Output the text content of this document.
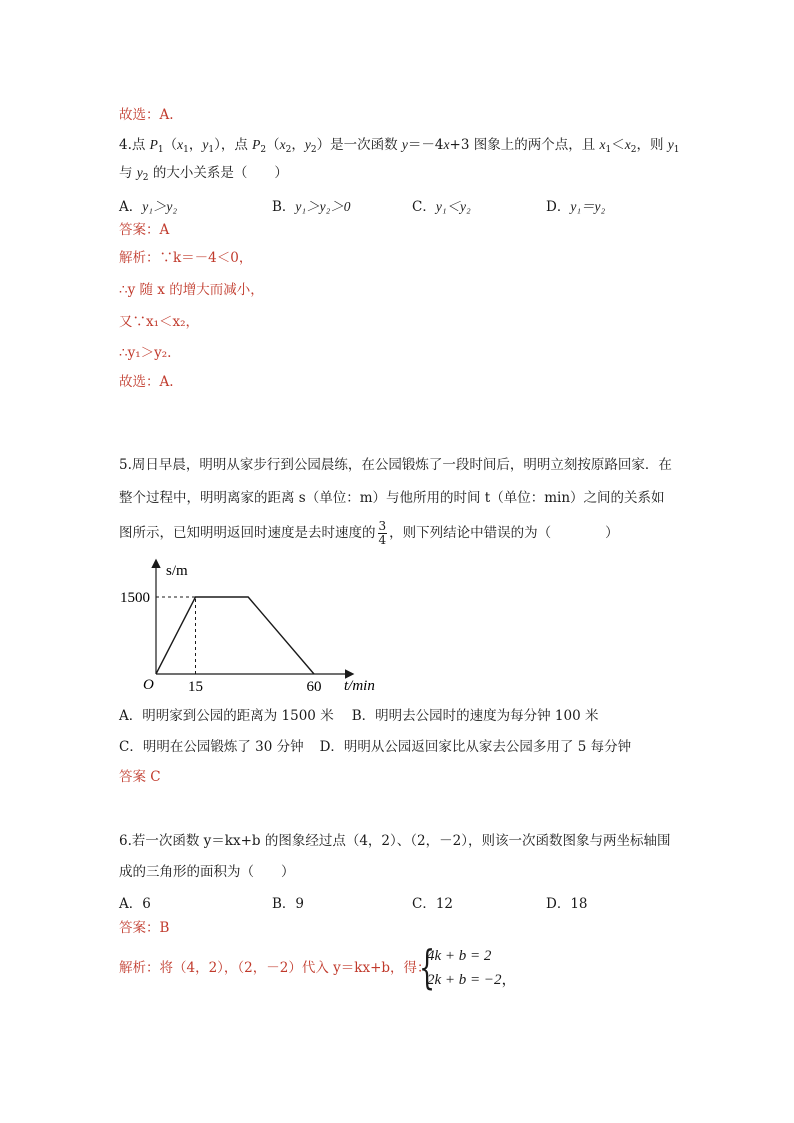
故选：A.
4.点 $P_1(x_1$，$y_1$），点 $P_2(x_2$，$y_2$）是一次函数 y＝－4x+3 图象上的两个点，且 $x_1<x_2$，则 $y_1$
与 $y_2$ 的大小关系是（　　）
A．y₁＞y₂	B．y₁＞y₂＞0	C．y₁＜y₂	D．y₁＝y₂
答案：A
解析：∵k＝－4＜0，
∴y 随 x 的增大而减小，
又∵x₁＜x₂，
∴y₁＞y₂.
故选：A.
5.周日早晨，明明从家步行到公园晨练，在公园锻炼了一段时间后，明明立刻按原路回家．在
整个过程中，明明离家的距离 s（单位：m）与他所用的时间 t（单位：min）之间的关系如
图所示，已知明明返回时速度是去时速度的 $\frac{3}{4}$ ，则下列结论中错误的为（　　　　）
s/m
t/min
O
1500
15	60
A．明明家到公园的距离为 1500 米 B．明明去公园时的速度为每分钟 100 米
C．明明在公园锻炼了 30 分钟 D．明明从公园返回家比从家去公园多用了 5 每分钟
答案 C
6.若一次函数 y＝kx+b 的图象经过点（4，2）、（2，－2），则该一次函数图象与两坐标轴围
成的三角形的面积为（　　）
A．6	B．9	C．12	D．18
答案：B
解析：将（4，2），（2，－2）代入 y＝kx+b，得：
{
4k + b = 2
2k + b = −2，
